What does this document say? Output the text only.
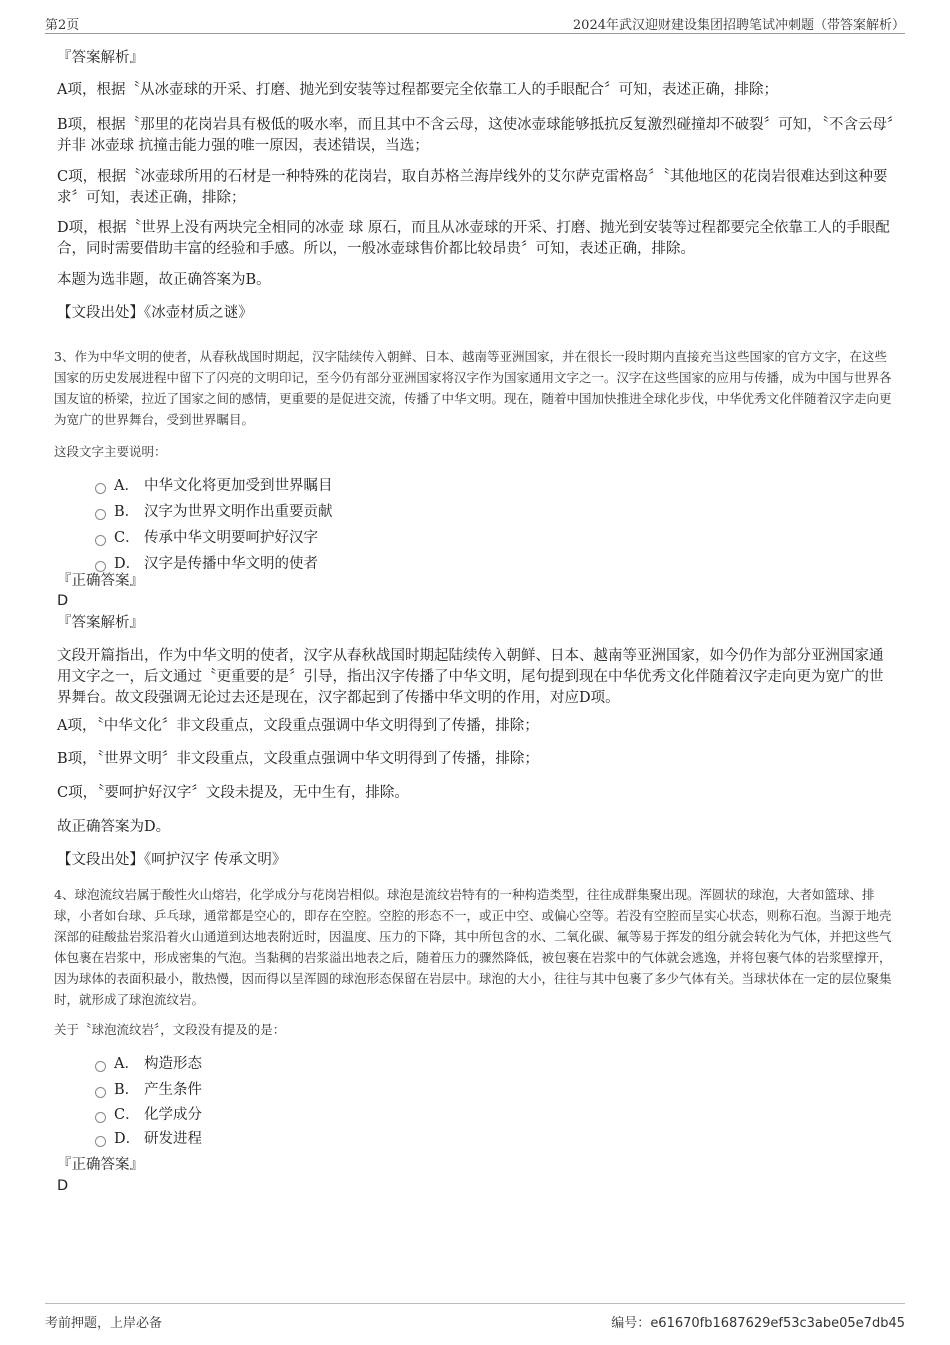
第2页	2024年武汉迎财建设集团招聘笔试冲刺题（带答案解析）
『答案解析』
A项，根据〝从冰壶球的开采、打磨、抛光到安装等过程都要完全依靠工人的手眼配合〞可知，表述正确，排除；
B项，根据〝那里的花岗岩具有极低的吸水率，而且其中不含云母，这使冰壶球能够抵抗反复激烈碰撞却不破裂〞可知，〝不含云母〞并非 冰壶球 抗撞击能力强的唯一原因，表述错误，当选；
C项，根据〝冰壶球所用的石材是一种特殊的花岗岩，取自苏格兰海岸线外的艾尔萨克雷格岛〞〝其他地区的花岗岩很难达到这种要求〞可知，表述正确，排除；
D项，根据〝世界上没有两块完全相同的冰壶 球 原石，而且从冰壶球的开采、打磨、抛光到安装等过程都要完全依靠工人的手眼配合，同时需要借助丰富的经验和手感。所以，一般冰壶球售价都比较昂贵〞可知，表述正确，排除。
本题为选非题，故正确答案为B。
【文段出处】《冰壶材质之谜》
3、作为中华文明的使者，从春秋战国时期起，汉字陆续传入朝鲜、日本、越南等亚洲国家，并在很长一段时期内直接充当这些国家的官方文字，在这些国家的历史发展进程中留下了闪亮的文明印记，至今仍有部分亚洲国家将汉字作为国家通用文字之一。汉字在这些国家的应用与传播，成为中国与世界各国友谊的桥梁，拉近了国家之间的感情，更重要的是促进交流，传播了中华文明。现在，随着中国加快推进全球化步伐，中华优秀文化伴随着汉字走向更为宽广的世界舞台，受到世界瞩目。
这段文字主要说明：
A． 中华文化将更加受到世界瞩目
B． 汉字为世界文明作出重要贡献
C． 传承中华文明要呵护好汉字
D． 汉字是传播中华文明的使者
『正确答案』
D
『答案解析』
文段开篇指出，作为中华文明的使者，汉字从春秋战国时期起陆续传入朝鲜、日本、越南等亚洲国家，如今仍作为部分亚洲国家通用文字之一，后文通过〝更重要的是〞引导，指出汉字传播了中华文明，尾句提到现在中华优秀文化伴随着汉字走向更为宽广的世界舞台。故文段强调无论过去还是现在，汉字都起到了传播中华文明的作用，对应D项。
A项，〝中华文化〞非文段重点，文段重点强调中华文明得到了传播，排除；
B项，〝世界文明〞非文段重点，文段重点强调中华文明得到了传播，排除；
C项，〝要呵护好汉字〞文段未提及，无中生有，排除。
故正确答案为D。
【文段出处】《呵护汉字 传承文明》
4、球泡流纹岩属于酸性火山熔岩，化学成分与花岗岩相似。球泡是流纹岩特有的一种构造类型，往往成群集聚出现。浑圆状的球泡，大者如篮球、排球，小者如台球、乒乓球，通常都是空心的，即存在空腔。空腔的形态不一，或正中空、或偏心空等。若没有空腔而呈实心状态，则称石泡。当源于地壳深部的硅酸盐岩浆沿着火山通道到达地表附近时，因温度、压力的下降，其中所包含的水、二氧化碳、氟等易于挥发的组分就会转化为气体，并把这些气体包裹在岩浆中，形成密集的气泡。当黏稠的岩浆溢出地表之后，随着压力的骤然降低，被包裹在岩浆中的气体就会逃逸，并将包裹气体的岩浆壁撑开，因为球体的表面积最小，散热慢，因而得以呈浑圆的球泡形态保留在岩层中。球泡的大小，往往与其中包裹了多少气体有关。当球状体在一定的层位聚集时，就形成了球泡流纹岩。
关于〝球泡流纹岩〞，文段没有提及的是：
A． 构造形态
B． 产生条件
C． 化学成分
D． 研发进程
『正确答案』
D
考前押题，上岸必备	编号：e61670fb1687629ef53c3abe05e7db45
